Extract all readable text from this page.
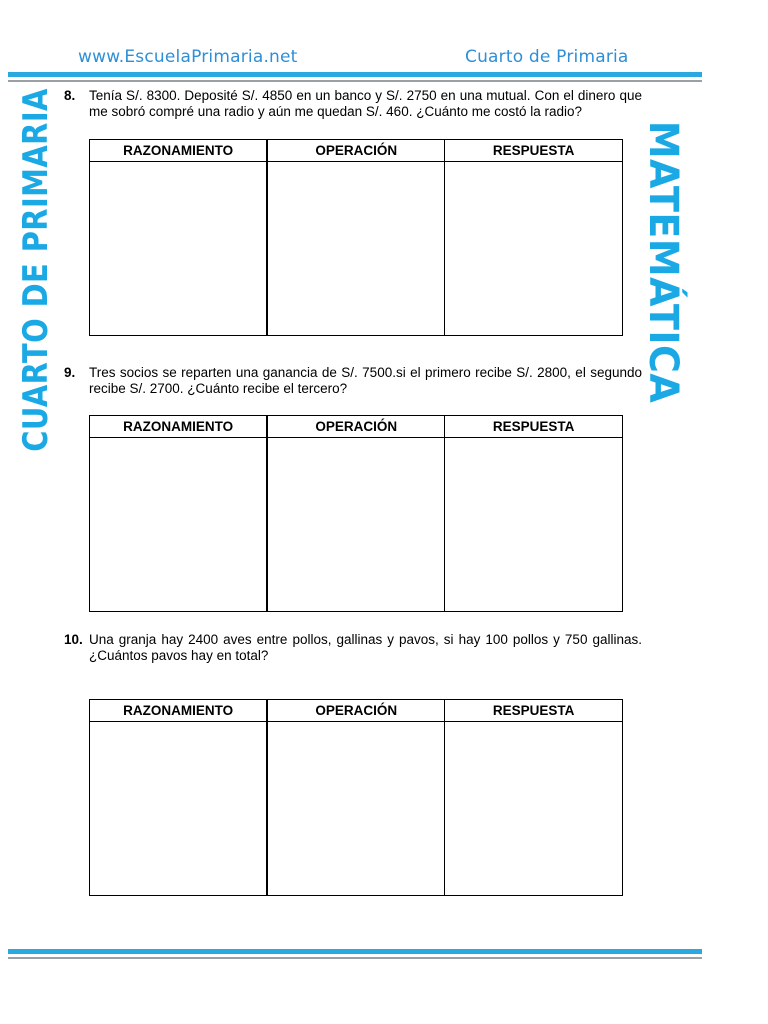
www.EscuelaPrimaria.net	Cuarto de Primaria
CUARTO DE PRIMARIA	MATEMÁTICA
8. Tenía S/. 8300. Deposité S/. 4850 en un banco y S/. 2750 en una mutual. Con el dinero que me sobró compré una radio y aún me quedan S/. 460. ¿Cuánto me costó la radio?
RAZONAMIENTO	OPERACIÓN	RESPUESTA

9. Tres socios se reparten una ganancia de S/. 7500.si el primero recibe S/. 2800, el segundo recibe S/. 2700. ¿Cuánto recibe el tercero?
RAZONAMIENTO	OPERACIÓN	RESPUESTA

10. Una granja hay 2400 aves entre pollos, gallinas y pavos, si hay 100 pollos y 750 gallinas. ¿Cuántos pavos hay en total?
RAZONAMIENTO	OPERACIÓN	RESPUESTA
